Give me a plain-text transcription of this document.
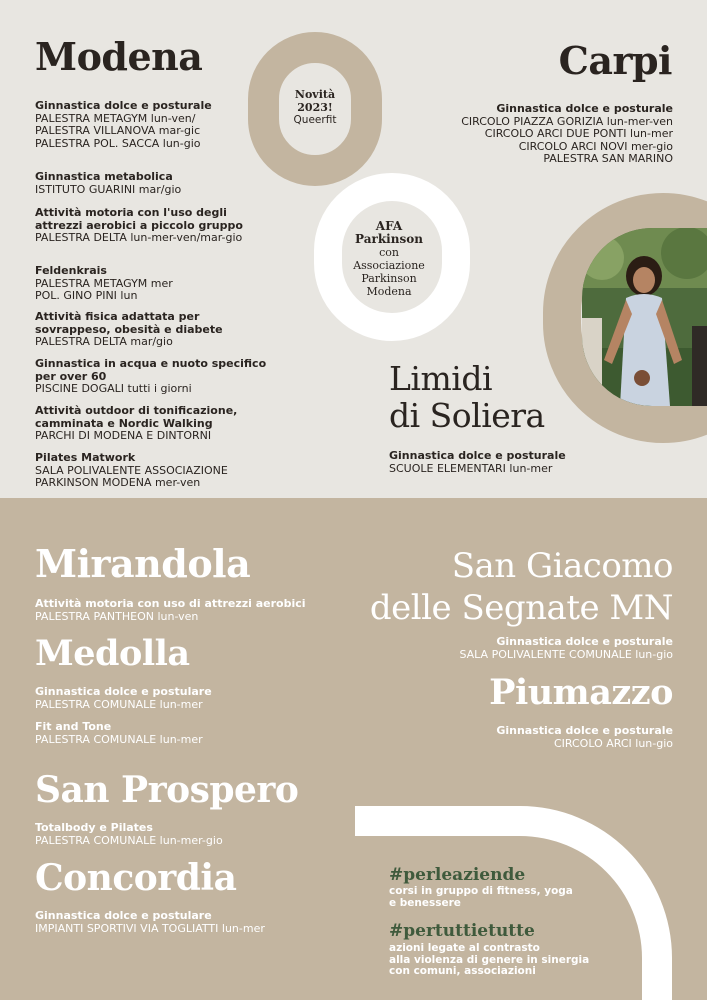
Modena
Ginnastica dolce e posturale
PALESTRA METAGYM lun-ven/
PALESTRA VILLANOVA mar-gic
PALESTRA POL. SACCA lun-gio
Ginnastica metabolica
ISTITUTO GUARINI mar/gio
Attività motoria con l'uso degli attrezzi aerobici a piccolo gruppo
PALESTRA DELTA lun-mer-ven/mar-gio
Feldenkrais
PALESTRA METAGYM mer
POL. GINO PINI lun
Attività fisica adattata per sovrappeso, obesità e diabete
PALESTRA DELTA mar/gio
Ginnastica in acqua e nuoto specifico per over 60
PISCINE DOGALI tutti i giorni
Attività outdoor di tonificazione, camminata e Nordic Walking
PARCHI DI MODENA E DINTORNI
Pilates Matwork
SALA POLIVALENTE ASSOCIAZIONE
PARKINSON MODENA mer-ven
Novità
2023!
Queerfit
AFA
Parkinson
con
Associazione
Parkinson
Modena
Carpi
Ginnastica dolce e posturale
CIRCOLO PIAZZA GORIZIA lun-mer-ven
CIRCOLO ARCI DUE PONTI lun-mer
CIRCOLO ARCI NOVI mer-gio
PALESTRA SAN MARINO
Limidi
di Soliera
Ginnastica dolce e posturale
SCUOLE ELEMENTARI lun-mer
Mirandola
Attività motoria con uso di attrezzi aerobici
PALESTRA PANTHEON lun-ven
Medolla
Ginnastica dolce e postulare
PALESTRA COMUNALE lun-mer
Fit and Tone
PALESTRA COMUNALE lun-mer
San Prospero
Totalbody e Pilates
PALESTRA COMUNALE lun-mer-gio
Concordia
Ginnastica dolce e postulare
IMPIANTI SPORTIVI VIA TOGLIATTI lun-mer
San Giacomo
delle Segnate MN
Ginnastica dolce e posturale
SALA POLIVALENTE COMUNALE lun-gio
Piumazzo
Ginnastica dolce e posturale
CIRCOLO ARCI lun-gio
#perleaziende
corsi in gruppo di fitness, yoga
e benessere
#pertuttietutte
azioni legate al contrasto
alla violenza di genere in sinergia
con comuni, associazioni
